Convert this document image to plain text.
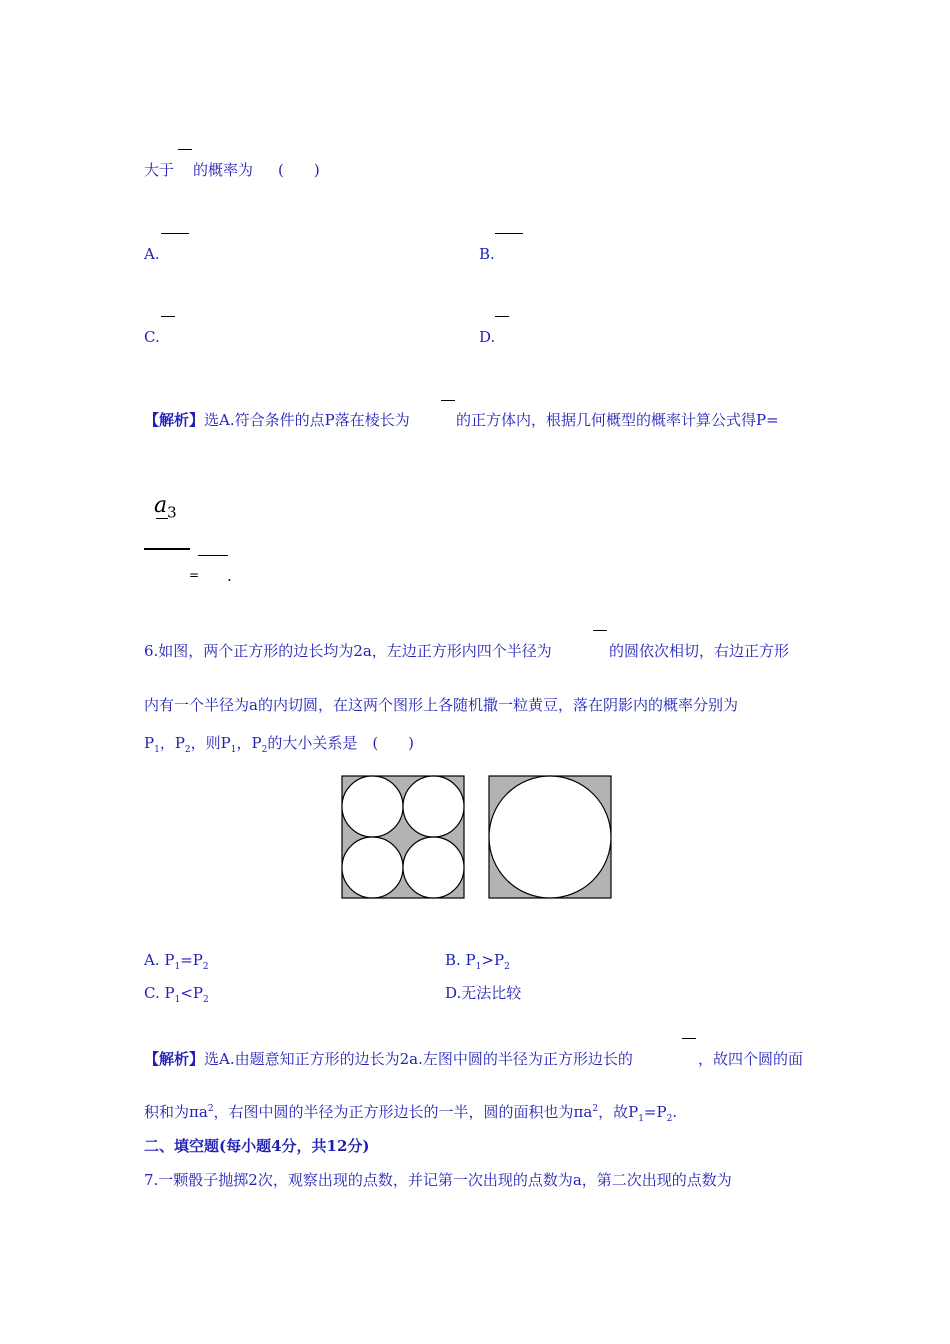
大于 的概率为 (　　)
A.	B.
C.	D.
【解析】选A.符合条件的点P落在棱长为	的正方体内，根据几何概型的概率计算公式得P=
$a_3$
= .
6.如图，两个正方形的边长均为2a，左边正方形内四个半径为	的圆依次相切，右边正方形
内有一个半径为a的内切圆，在这两个图形上各随机撒一粒黄豆，落在阴影内的概率分别为
$P_1$，$P_2$，则$P_1$，$P_2$的大小关系是  (　　)
A. $P_1=P_2$	B. $P_1>P_2$
C. $P_1<P_2$	D.无法比较
【解析】选A.由题意知正方形的边长为2a.左图中圆的半径为正方形边长的	，故四个圆的面
积和为$\pi a^2$，右图中圆的半径为正方形边长的一半，圆的面积也为$\pi a^2$，故$P_1=P_2$.
二、填空题(每小题4分，共12分)
7.一颗骰子抛掷2次，观察出现的点数，并记第一次出现的点数为a，第二次出现的点数为
